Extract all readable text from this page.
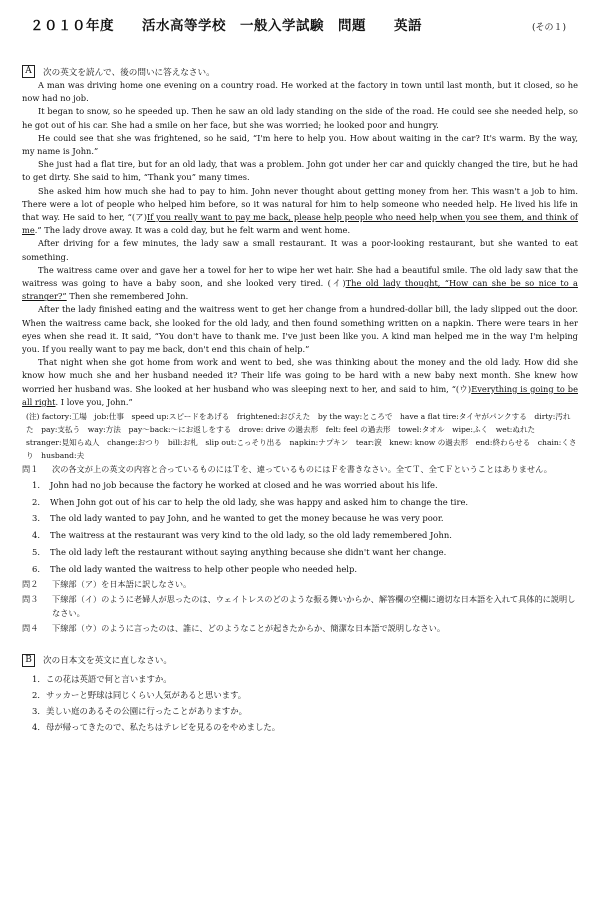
２０１０年度　　活水高等学校　一般入学試験　問題　　英語	(その１)
A	次の英文を読んで、後の問いに答えなさい。

A man was driving home one evening on a country road. He worked at the factory in town until last month, but it closed, so he now had no job.

It began to snow, so he speeded up. Then he saw an old lady standing on the side of the road. He could see she needed help, so he got out of his car. She had a smile on her face, but she was worried; he looked poor and hungry.

He could see that she was frightened, so he said, “I'm here to help you. How about waiting in the car? It's warm. By the way, my name is John.”

She just had a flat tire, but for an old lady, that was a problem. John got under her car and quickly changed the tire, but he had to get dirty. She said to him, “Thank you” many times.

She asked him how much she had to pay to him. John never thought about getting money from her. This wasn't a job to him. There were a lot of people who helped him before, so it was natural for him to help someone who needed help. He lived his life in that way. He said to her, “(ア)If you really want to pay me back, please help people who need help when you see them, and think of me.” The lady drove away. It was a cold day, but he felt warm and went home.

After driving for a few minutes, the lady saw a small restaurant. It was a poor-looking restaurant, but she wanted to eat something.

The waitress came over and gave her a towel for her to wipe her wet hair. She had a beautiful smile. The old lady saw that the waitress was going to have a baby soon, and she looked very tired. (イ)The old lady thought, “How can she be so nice to a stranger?” Then she remembered John.

After the lady finished eating and the waitress went to get her change from a hundred-dollar bill, the lady slipped out the door. When the waitress came back, she looked for the old lady, and then found something written on a napkin. There were tears in her eyes when she read it. It said, “You don't have to thank me. I've just been like you. A kind man helped me in the way I'm helping you. If you really want to pay me back, don't end this chain of help.”

That night when she got home from work and went to bed, she was thinking about the money and the old lady. How did she know how much she and her husband needed it? Their life was going to be hard with a new baby next month. She knew how worried her husband was. She looked at her husband who was sleeping next to her, and said to him, “(ウ)Everything is going to be all right. I love you, John.”

(注) factory:工場　job:仕事　speed up:スピードをあげる　frightened:おびえた　by the way:ところで　have a flat tire:タイヤがパンクする　dirty:汚れた　pay:支払う　way:方法　pay～back:～にお返しをする　drove: drive の過去形　felt: feel の過去形　towel:タオル　wipe:ふく　wet:ぬれた　stranger:見知らぬ人　change:おつり　bill:お札　slip out:こっそり出る　napkin:ナプキン　tear:涙　knew: know の過去形　end:終わらせる　chain:くさり　husband:夫
問１	次の各文が上の英文の内容と合っているものにはＴを、違っているものにはＦを書きなさい。全てＴ、全てＦということはありません。
1.	John had no job because the factory he worked at closed and he was worried about his life.
2.	When John got out of his car to help the old lady, she was happy and asked him to change the tire.
3.	The old lady wanted to pay John, and he wanted to get the money because he was very poor.
4.	The waitress at the restaurant was very kind to the old lady, so the old lady remembered John.
5.	The old lady left the restaurant without saying anything because she didn't want her change.
6.	The old lady wanted the waitress to help other people who needed help.
問２	下線部（ア）を日本語に訳しなさい。
問３	下線部（イ）のように老婦人が思ったのは、ウェイトレスのどのような振る舞いからか、解答欄の空欄に適切な日本語を入れて具体的に説明しなさい。
問４	下線部（ウ）のように言ったのは、誰に、どのようなことが起きたからか、簡潔な日本語で説明しなさい。
B	次の日本文を英文に直しなさい。
1． この花は英語で何と言いますか。
2． サッカーと野球は同じくらい人気があると思います。
3． 美しい庭のあるその公園に行ったことがありますか。
4． 母が帰ってきたので、私たちはテレビを見るのをやめました。
